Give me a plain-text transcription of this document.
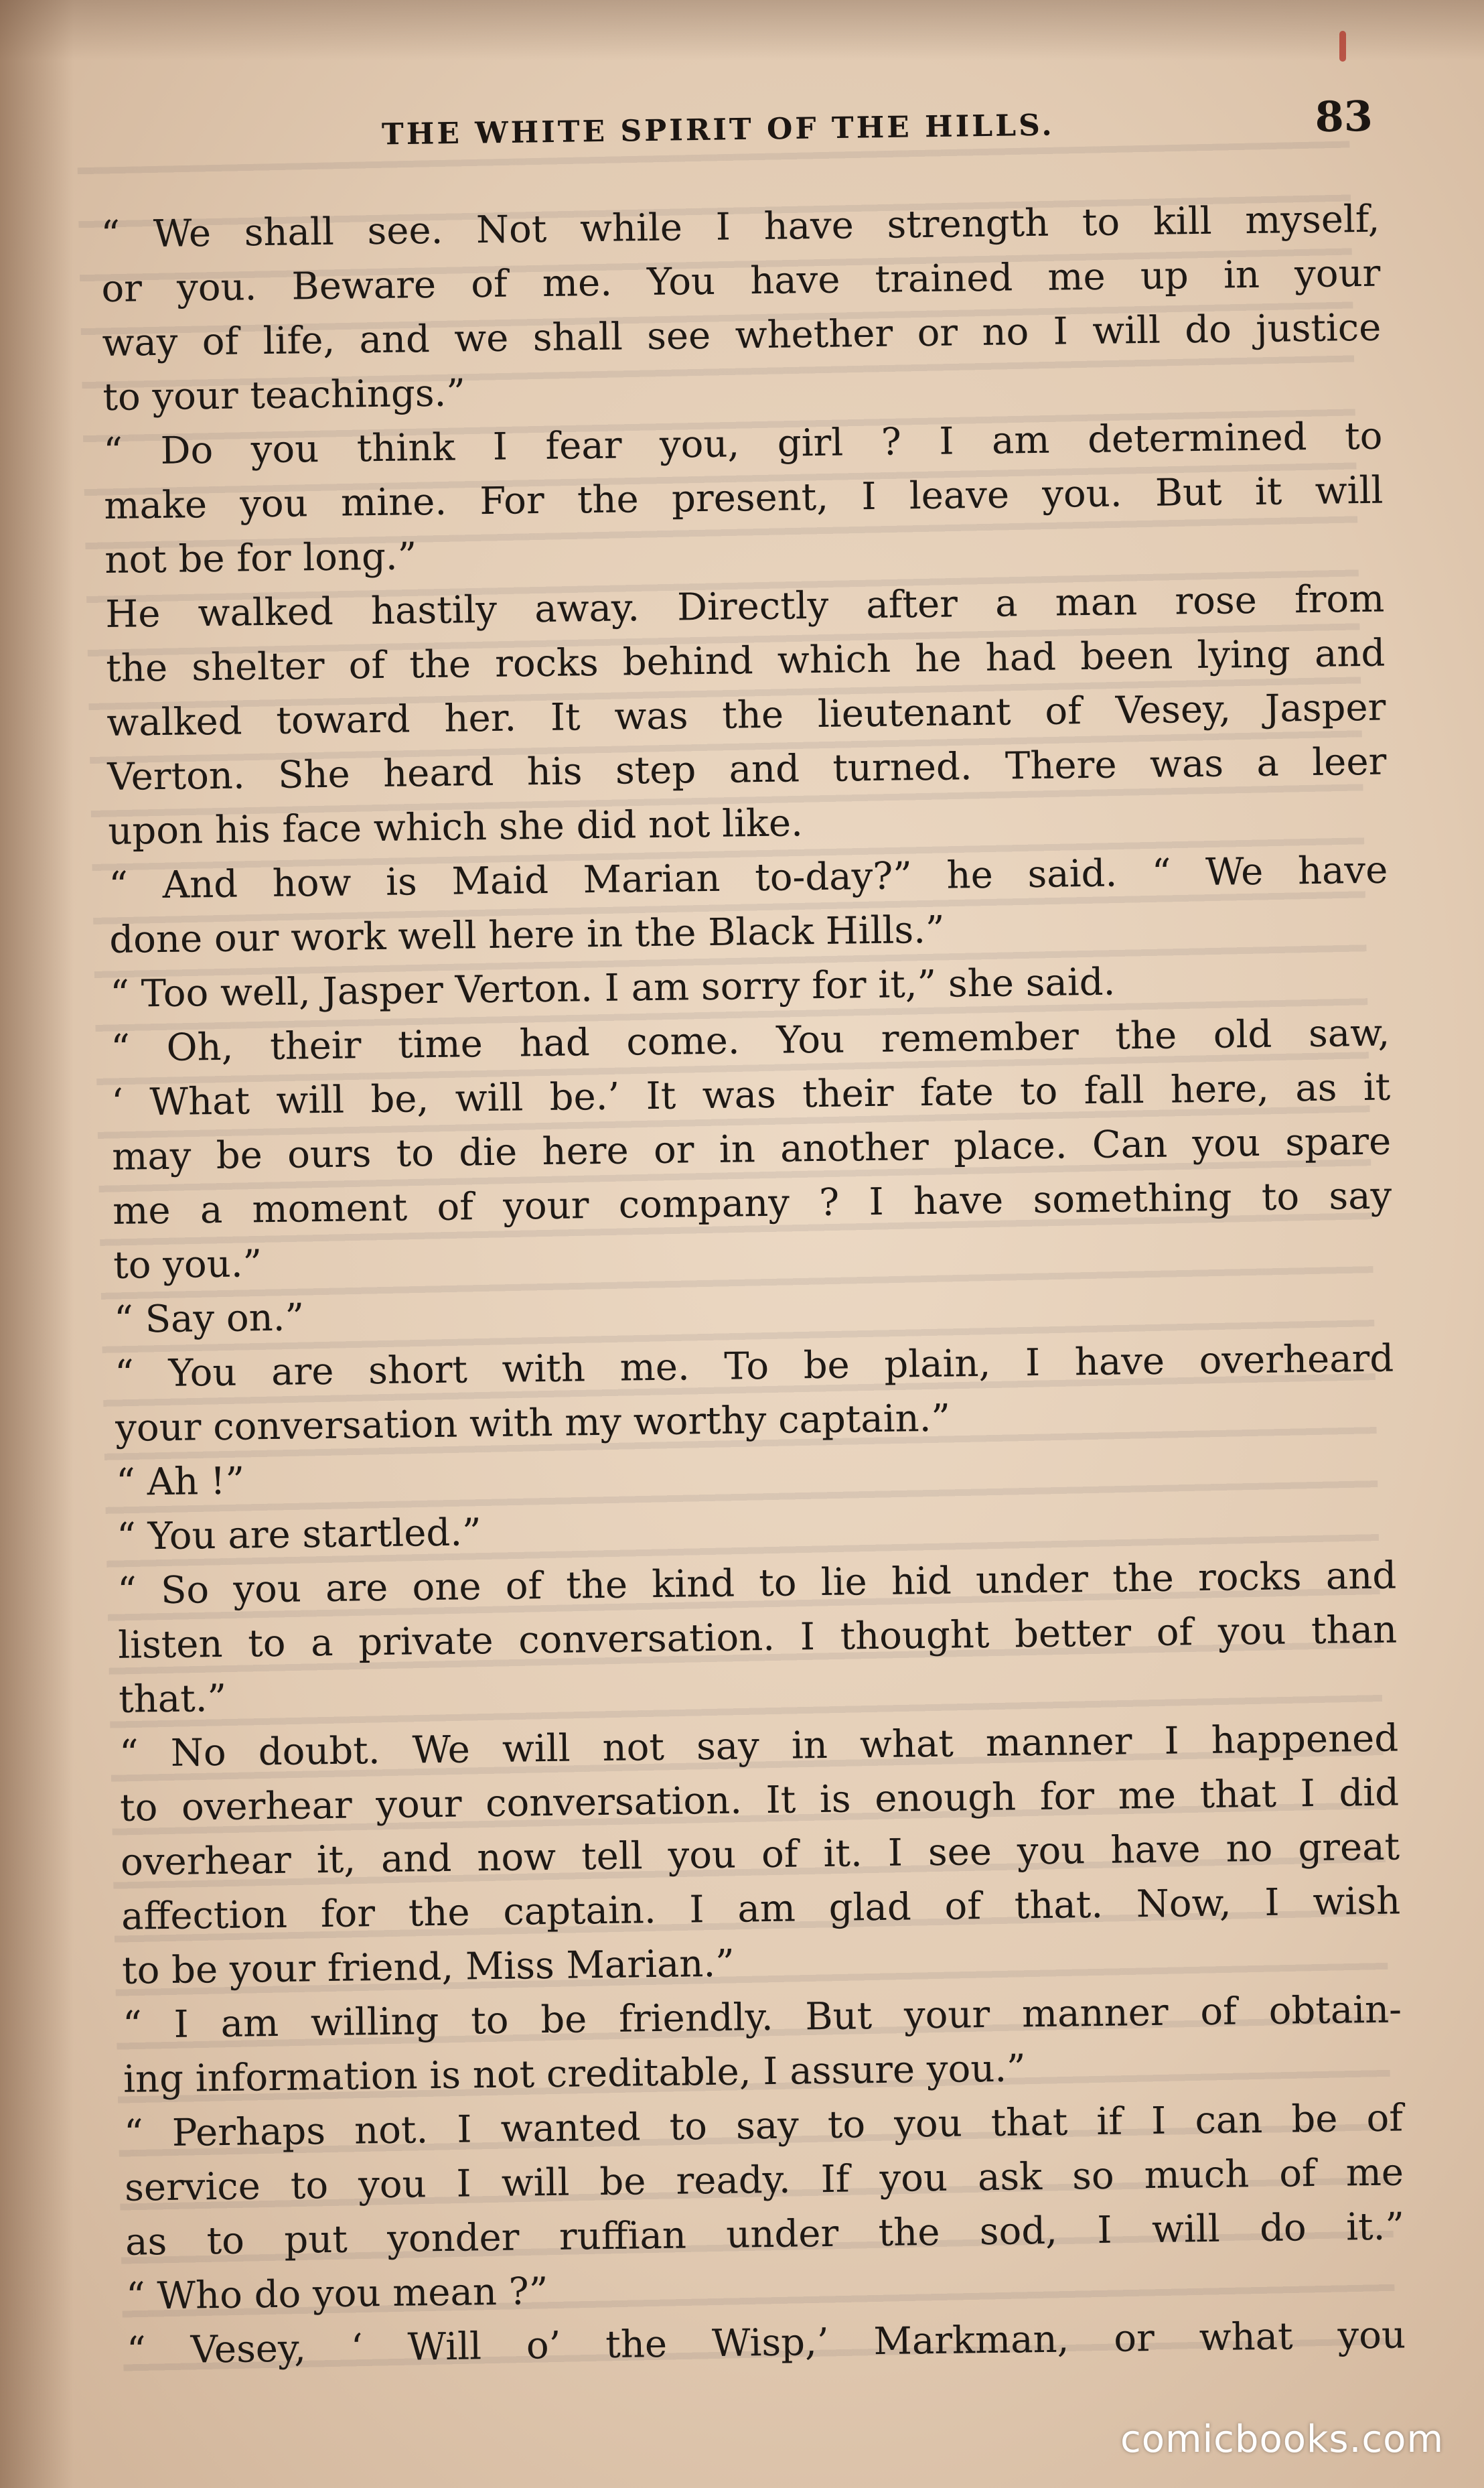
THE WHITE SPIRIT OF THE HILLS.	83
“ We shall see. Not while I have strength to kill myself,
or you. Beware of me. You have trained me up in your
way of life, and we shall see whether or no I will do justice
to your teachings.”
“ Do you think I fear you, girl ? I am determined to
make you mine. For the present, I leave you. But it will
not be for long.”
He walked hastily away. Directly after a man rose from
the shelter of the rocks behind which he had been lying and
walked toward her. It was the lieutenant of Vesey, Jasper
Verton. She heard his step and turned. There was a leer
upon his face which she did not like.
“ And how is Maid Marian to-day?” he said. “ We have
done our work well here in the Black Hills.”
“ Too well, Jasper Verton. I am sorry for it,” she said.
“ Oh, their time had come. You remember the old saw,
‘ What will be, will be.’ It was their fate to fall here, as it
may be ours to die here or in another place. Can you spare
me a moment of your company ? I have something to say
to you.”
“ Say on.”
“ You are short with me. To be plain, I have overheard
your conversation with my worthy captain.”
“ Ah !”
“ You are startled.”
“ So you are one of the kind to lie hid under the rocks and
listen to a private conversation. I thought better of you than
that.”
“ No doubt. We will not say in what manner I happened
to overhear your conversation. It is enough for me that I did
overhear it, and now tell you of it. I see you have no great
affection for the captain. I am glad of that. Now, I wish
to be your friend, Miss Marian.”
“ I am willing to be friendly. But your manner of obtain-
ing information is not creditable, I assure you.”
“ Perhaps not. I wanted to say to you that if I can be of
service to you I will be ready. If you ask so much of me
as to put yonder ruffian under the sod, I will do it.”
“ Who do you mean ?”
“ Vesey, ‘ Will o’ the Wisp,’ Markman, or what you
comicbooks.com
